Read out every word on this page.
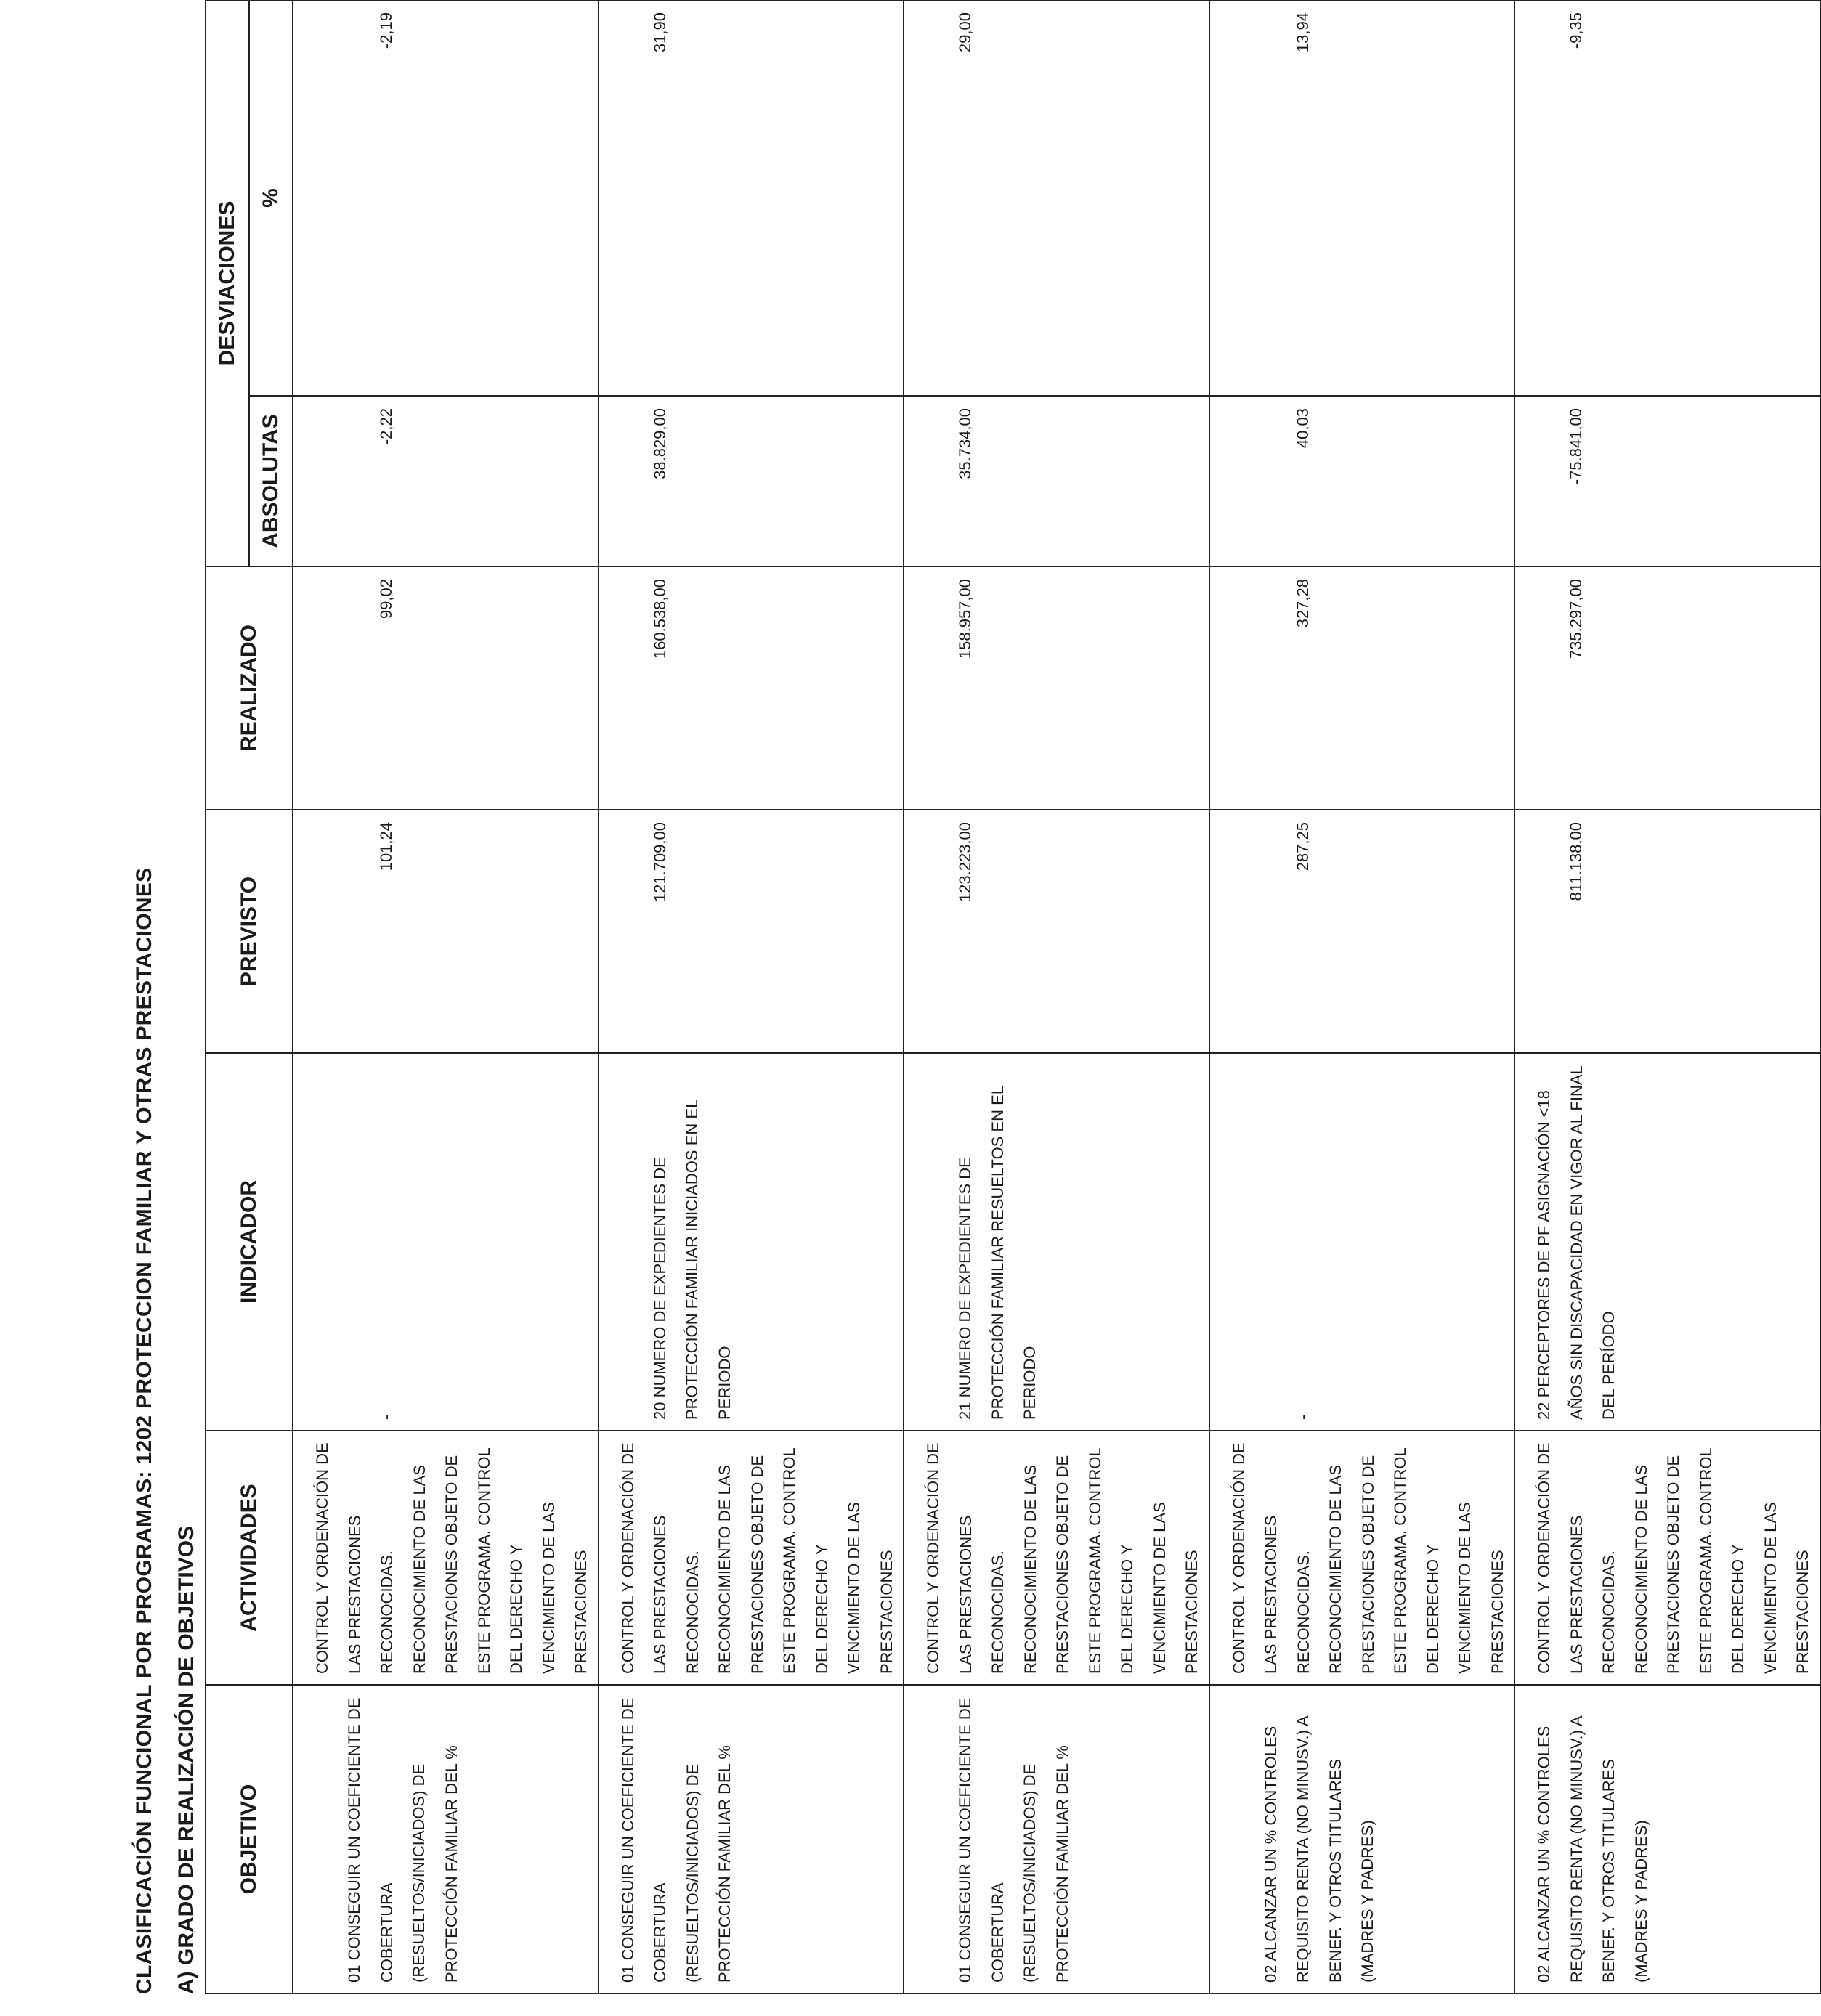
CLASIFICACIÓN FUNCIONAL POR PROGRAMAS: 1202 PROTECCION FAMILIAR Y OTRAS PRESTACIONES A) GRADO DE REALIZACIÓN DE OBJETIVOS OBJETIVO	ACTIVIDADES	INDICADOR	PREVISTO	REALIZADO	DESVIACIONES	
					ABSOLUTAS	%
01 CONSEGUIR UN COEFICIENTE DE COBERTURA (RESUELTOS/INICIADOS) DE PROTECCIÓN FAMILIAR DEL %	CONTROL Y ORDENACIÓN DE LAS PRESTACIONES RECONOCIDAS. RECONOCIMIENTO DE LAS PRESTACIONES OBJETO DE ESTE PROGRAMA. CONTROL DEL DERECHO Y VENCIMIENTO DE LAS PRESTACIONES	-	101,24	99,02	-2,22	-2,19
01 CONSEGUIR UN COEFICIENTE DE COBERTURA (RESUELTOS/INICIADOS) DE PROTECCIÓN FAMILIAR DEL %	CONTROL Y ORDENACIÓN DE LAS PRESTACIONES RECONOCIDAS. RECONOCIMIENTO DE LAS PRESTACIONES OBJETO DE ESTE PROGRAMA. CONTROL DEL DERECHO Y VENCIMIENTO DE LAS PRESTACIONES	20 NUMERO DE EXPEDIENTES DE PROTECCIÓN FAMILIAR INICIADOS EN EL PERIODO	121.709,00	160.538,00	38.829,00	31,90
01 CONSEGUIR UN COEFICIENTE DE COBERTURA (RESUELTOS/INICIADOS) DE PROTECCIÓN FAMILIAR DEL %	CONTROL Y ORDENACIÓN DE LAS PRESTACIONES RECONOCIDAS. RECONOCIMIENTO DE LAS PRESTACIONES OBJETO DE ESTE PROGRAMA. CONTROL DEL DERECHO Y VENCIMIENTO DE LAS PRESTACIONES	21 NUMERO DE EXPEDIENTES DE PROTECCIÓN FAMILIAR RESUELTOS EN EL PERIODO	123.223,00	158.957,00	35.734,00	29,00
02 ALCANZAR UN % CONTROLES REQUISITO RENTA (NO MINUSV.) A BENEF. Y OTROS TITULARES (MADRES Y PADRES)	CONTROL Y ORDENACIÓN DE LAS PRESTACIONES RECONOCIDAS. RECONOCIMIENTO DE LAS PRESTACIONES OBJETO DE ESTE PROGRAMA. CONTROL DEL DERECHO Y VENCIMIENTO DE LAS PRESTACIONES	-	287,25	327,28	40,03	13,94
02 ALCANZAR UN % CONTROLES REQUISITO RENTA (NO MINUSV.) A BENEF. Y OTROS TITULARES (MADRES Y PADRES)	CONTROL Y ORDENACIÓN DE LAS PRESTACIONES RECONOCIDAS. RECONOCIMIENTO DE LAS PRESTACIONES OBJETO DE ESTE PROGRAMA. CONTROL DEL DERECHO Y VENCIMIENTO DE LAS PRESTACIONES	22 PERCEPTORES DE PF ASIGNACIÓN <18 AÑOS SIN DISCAPACIDAD EN VIGOR AL FINAL DEL PERÍODO	811.138,00	735.297,00	-75.841,00	-9,35
